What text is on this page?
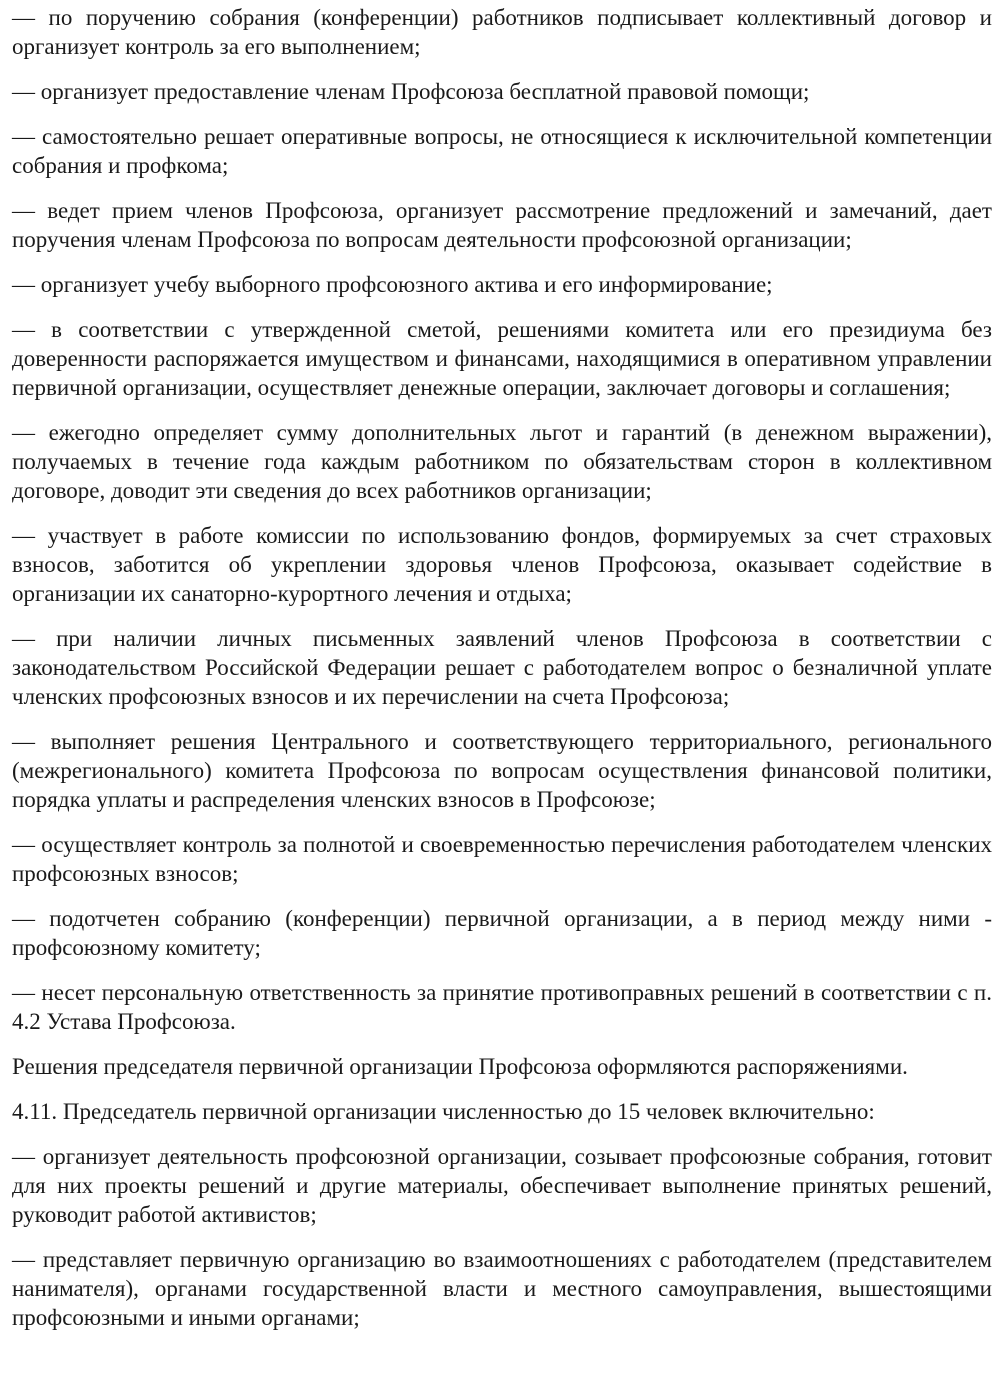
— по поручению собрания (конференции) работников подписывает коллективный договор и организует контроль за его выполнением;

— организует предоставление членам Профсоюза бесплатной правовой помощи;

— самостоятельно решает оперативные вопросы, не относящиеся к исключительной компетенции собрания и профкома;

— ведет прием членов Профсоюза, организует рассмотрение предложений и замечаний, дает поручения членам Профсоюза по вопросам деятельности профсоюзной организации;

— организует учебу выборного профсоюзного актива и его информирование;

— в соответствии с утвержденной сметой, решениями комитета или его президиума без доверенности распоряжается имуществом и финансами, находящимися в оперативном управлении первичной организации, осуществляет денежные операции, заключает договоры и соглашения;

— ежегодно определяет сумму дополнительных льгот и гарантий (в денежном выражении), получаемых в течение года каждым работником по обязательствам сторон в коллективном договоре, доводит эти сведения до всех работников организации;

— участвует в работе комиссии по использованию фондов, формируемых за счет страховых взносов, заботится об укреплении здоровья членов Профсоюза, оказывает содействие в организации их санаторно-курортного лечения и отдыха;

— при наличии личных письменных заявлений членов Профсоюза в соответствии с законодательством Российской Федерации решает с работодателем вопрос о безналичной уплате членских профсоюзных взносов и их перечислении на счета Профсоюза;

— выполняет решения Центрального и соответствующего территориального, регионального (межрегионального) комитета Профсоюза по вопросам осуществления финансовой политики, порядка уплаты и распределения членских взносов в Профсоюзе;

— осуществляет контроль за полнотой и своевременностью перечисления работодателем членских профсоюзных взносов;

— подотчетен собранию (конференции) первичной организации, а в период между ними - профсоюзному комитету;

— несет персональную ответственность за принятие противоправных решений в соответствии с п. 4.2 Устава Профсоюза.

Решения председателя первичной организации Профсоюза оформляются распоряжениями.

4.11. Председатель первичной организации численностью до 15 человек включительно:

— организует деятельность профсоюзной организации, созывает профсоюзные собрания, готовит для них проекты решений и другие материалы, обеспечивает выполнение принятых решений, руководит работой активистов;

— представляет первичную организацию во взаимоотношениях с работодателем (представителем нанимателя), органами государственной власти и местного самоуправления, вышестоящими профсоюзными и иными органами;
